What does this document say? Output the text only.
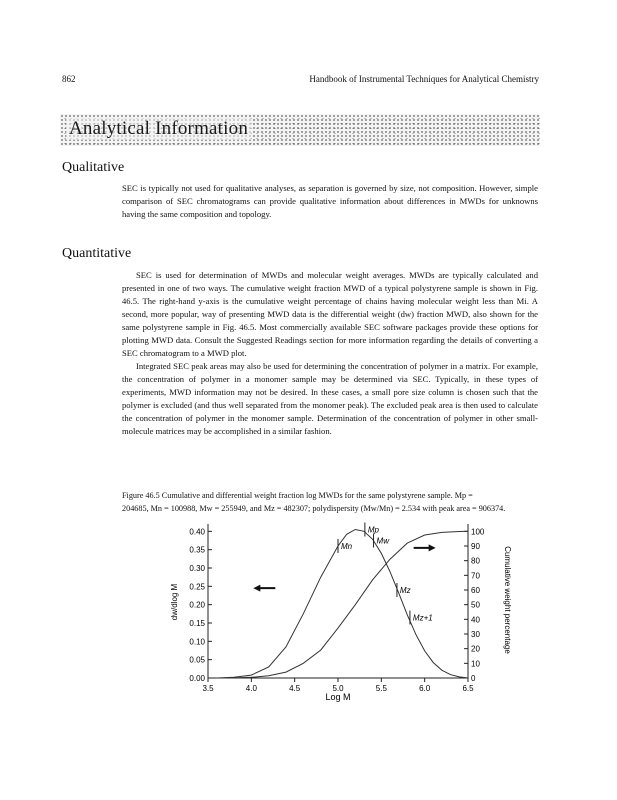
862	Handbook of Instrumental Techniques for Analytical Chemistry
Analytical Information
Qualitative

SEC is typically not used for qualitative analyses, as separation is governed by size, not composition. However, simple comparison of SEC chromatograms can provide qualitative information about differences in MWDs for unknowns having the same composition and topology.

Quantitative

SEC is used for determination of MWDs and molecular weight averages. MWDs are typically calculated and presented in one of two ways. The cumulative weight fraction MWD of a typical polystyrene sample is shown in Fig. 46.5. The right-hand y-axis is the cumulative weight percentage of chains having molecular weight less than Mi. A second, more popular, way of presenting MWD data is the differential weight (dw) fraction MWD, also shown for the same polystyrene sample in Fig. 46.5. Most commercially available SEC software packages provide these options for plotting MWD data. Consult the Suggested Readings section for more information regarding the details of converting a SEC chromatogram to a MWD plot.

Integrated SEC peak areas may also be used for determining the concentration of polymer in a matrix. For example, the concentration of polymer in a monomer sample may be determined via SEC. Typically, in these types of experiments, MWD information may not be desired. In these cases, a small pore size column is chosen such that the polymer is excluded (and thus well separated from the monomer peak). The excluded peak area is then used to calculate the concentration of polymer in the monomer sample. Determination of the concentration of polymer in other small- molecule matrices may be accomplished in a similar fashion.

Figure 46.5 Cumulative and differential weight fraction log MWDs for the same polystyrene sample. Mp =
204685, Mn = 100988, Mw = 255949, and Mz = 482307; polydispersity (Mw/Mn) = 2.534 with peak area = 906374.
3.5	4.0	4.5	5.0	5.5	6.0	6.5
0.00
0.05
0.10
0.15
0.20
0.25
0.30
0.35
0.40
0
10
20
30
40
50
60
70
80
90
100
Mn
Mp
Mw
Mz
Mz+1
Log M
dw/dlog M	Cumulative weight percentage
